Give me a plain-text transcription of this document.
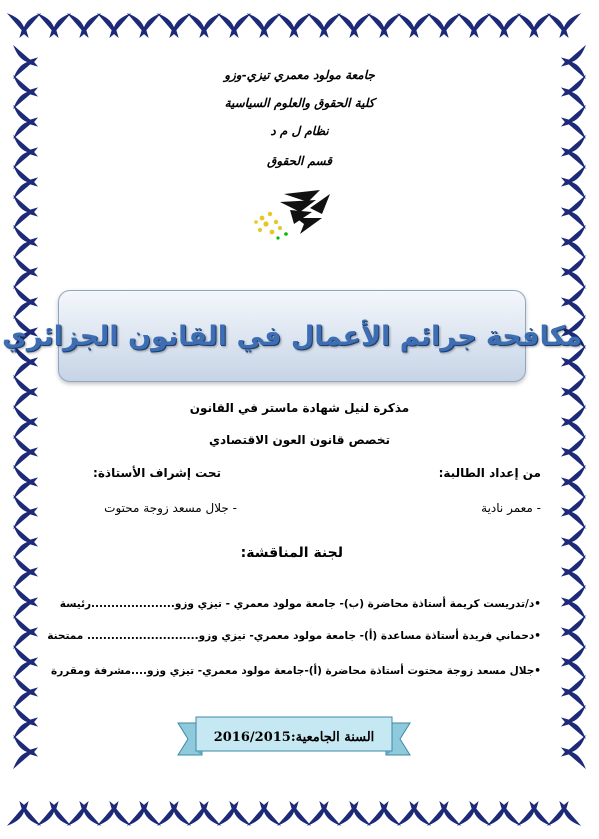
جامعة مولود معمري تيزي-وزو
كلية الحقوق والعلوم السياسية
نظام ل م د
قسم الحقوق
مكافحة جرائم الأعمال في القانون الجزائري
مذكرة لنيل شهادة ماستر في القانون
تخصص قانون العون الاقتصادي
من إعداد الطالبة:
تحت إشراف الأستاذة:
- معمر نادية
- جلال مسعد زوجة محتوت
لجنة المناقشة:
•د/تدريست كريمة أستاذة محاضرة (ب)- جامعة مولود معمري - تيزي وزو.....................رئيسة
•دحماني فريدة أستاذة مساعدة (أ)- جامعة مولود معمري- تيزي وزو............................ ممتحنة
•جلال مسعد زوجة محتوت أستاذة محاضرة (أ)-جامعة مولود معمري- تيزي وزو....مشرفة ومقررة
السنة الجامعية:2016/2015
